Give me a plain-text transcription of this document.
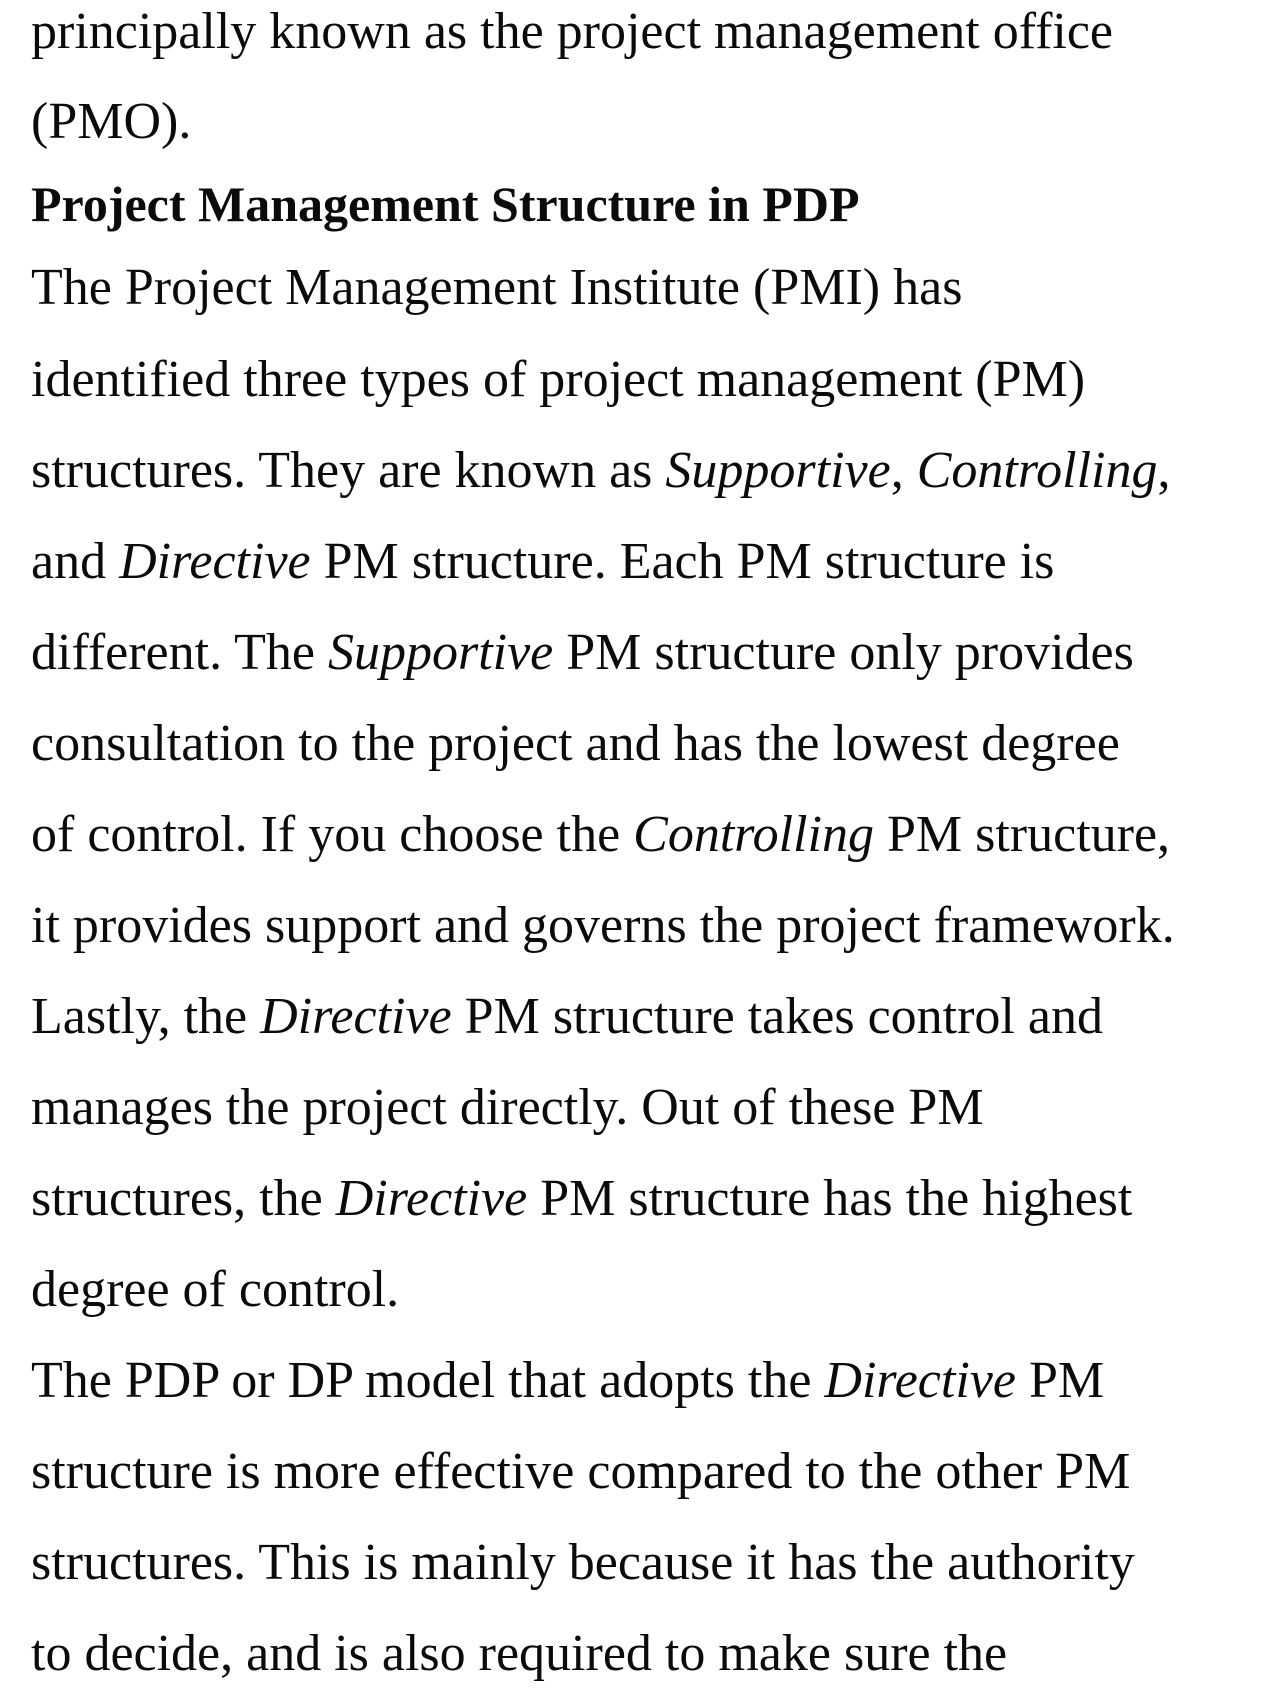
principally known as the project management office
(PMO).
Project Management Structure in PDP
The Project Management Institute (PMI) has
identified three types of project management (PM)
structures. They are known as Supportive, Controlling,
and Directive PM structure. Each PM structure is
different. The Supportive PM structure only provides
consultation to the project and has the lowest degree
of control. If you choose the Controlling PM structure,
it provides support and governs the project framework.
Lastly, the Directive PM structure takes control and
manages the project directly. Out of these PM
structures, the Directive PM structure has the highest
degree of control.
The PDP or DP model that adopts the Directive PM
structure is more effective compared to the other PM
structures. This is mainly because it has the authority
to decide, and is also required to make sure the
